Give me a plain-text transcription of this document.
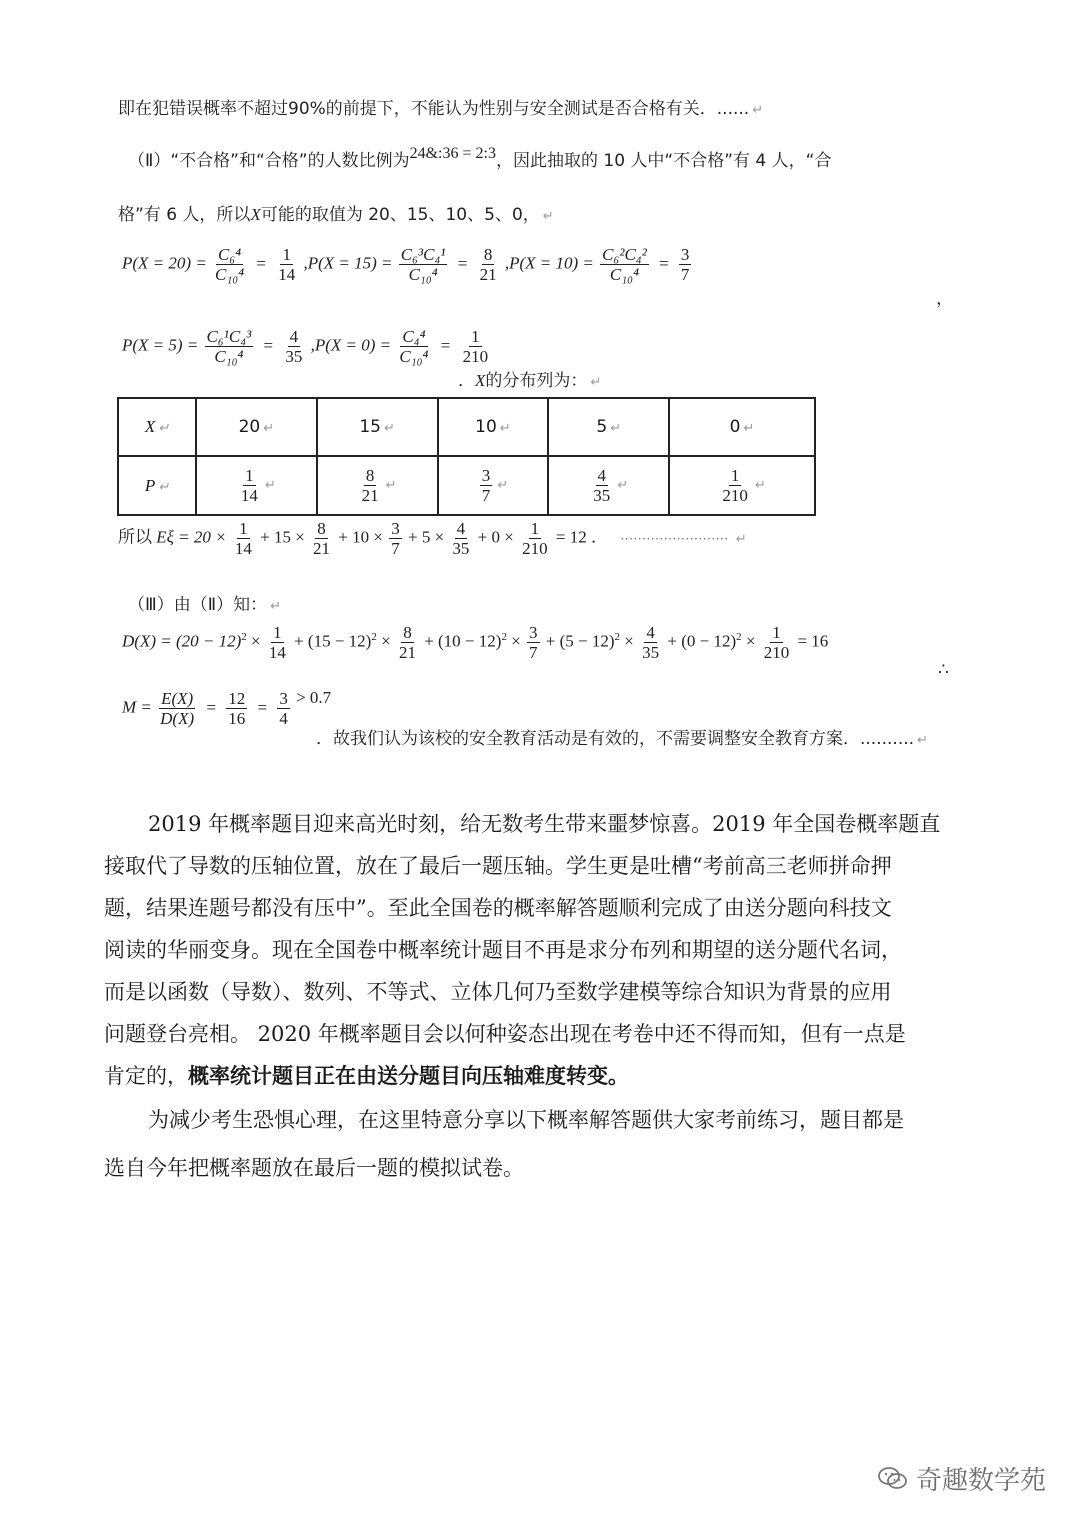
即在犯错误概率不超过90%的前提下，不能认为性别与安全测试是否合格有关．...... ↵
（Ⅱ）“不合格”和“合格”的人数比例为24&:36 = 2:3，因此抽取的 10 人中“不合格”有 4 人，“合
格”有 6 人，所以X可能的取值为 20、15、10、5、0， ↵
$P(X = 20) = \frac{\text{C₆⁴}}{\text{C₁₀⁴}} = \frac{1}{14} ,P(X = 15) = \frac{\text{C₆³C₄¹}}{\text{C₁₀⁴}} = \frac{8}{21} ,P(X = 10) = \frac{\text{C₆²C₄²}}{\text{C₁₀⁴}} = \frac{3}{7}$
，
$P(X = 5) = \frac{\text{C₆¹C₄³}}{\text{C₁₀⁴}} = \frac{4}{35} ,P(X = 0) = \frac{\text{C₄⁴}}{\text{C₁₀⁴}} = \frac{1}{210}$
．X的分布列为： ↵
X ↵	20 ↵	15 ↵	10 ↵	5 ↵	0 ↵
P ↵	$\frac{1}{14}$ ↵	$\frac{8}{21}$ ↵	$\frac{3}{7}$ ↵	$\frac{4}{35}$ ↵	$\frac{1}{210}$ ↵
所以 $E\xi = 20 \times \frac{1}{14} + 15 \times \frac{8}{21} + 10 \times \frac{3}{7} + 5 \times \frac{4}{35} + 0 \times \frac{1}{210} = 12$ ． ························· ↵
（Ⅲ）由（Ⅱ）知： ↵
$D(X) = (20 - 12)^2 \times \frac{1}{14} + (15 - 12)^2 \times \frac{8}{21} + (10 - 12)^2 \times \frac{3}{7} + (5 - 12)^2 \times \frac{4}{35} + (0 - 12)^2 \times \frac{1}{210} = 16$
∴
$M = \frac{E(X)}{D(X)} = \frac{12}{16} = \frac{3}{4} > 0.7$
．故我们认为该校的安全教育活动是有效的，不需要调整安全教育方案．.......... ↵
2019 年概率题目迎来高光时刻，给无数考生带来噩梦惊喜。2019 年全国卷概率题直
接取代了导数的压轴位置，放在了最后一题压轴。学生更是吐槽“考前高三老师拼命押
题，结果连题号都没有压中”。至此全国卷的概率解答题顺利完成了由送分题向科技文
阅读的华丽变身。现在全国卷中概率统计题目不再是求分布列和期望的送分题代名词，
而是以函数（导数）、数列、不等式、立体几何乃至数学建模等综合知识为背景的应用
问题登台亮相。 2020 年概率题目会以何种姿态出现在考卷中还不得而知，但有一点是
肯定的，概率统计题目正在由送分题目向压轴难度转变。
为减少考生恐惧心理，在这里特意分享以下概率解答题供大家考前练习，题目都是
选自今年把概率题放在最后一题的模拟试卷。
奇趣数学苑
